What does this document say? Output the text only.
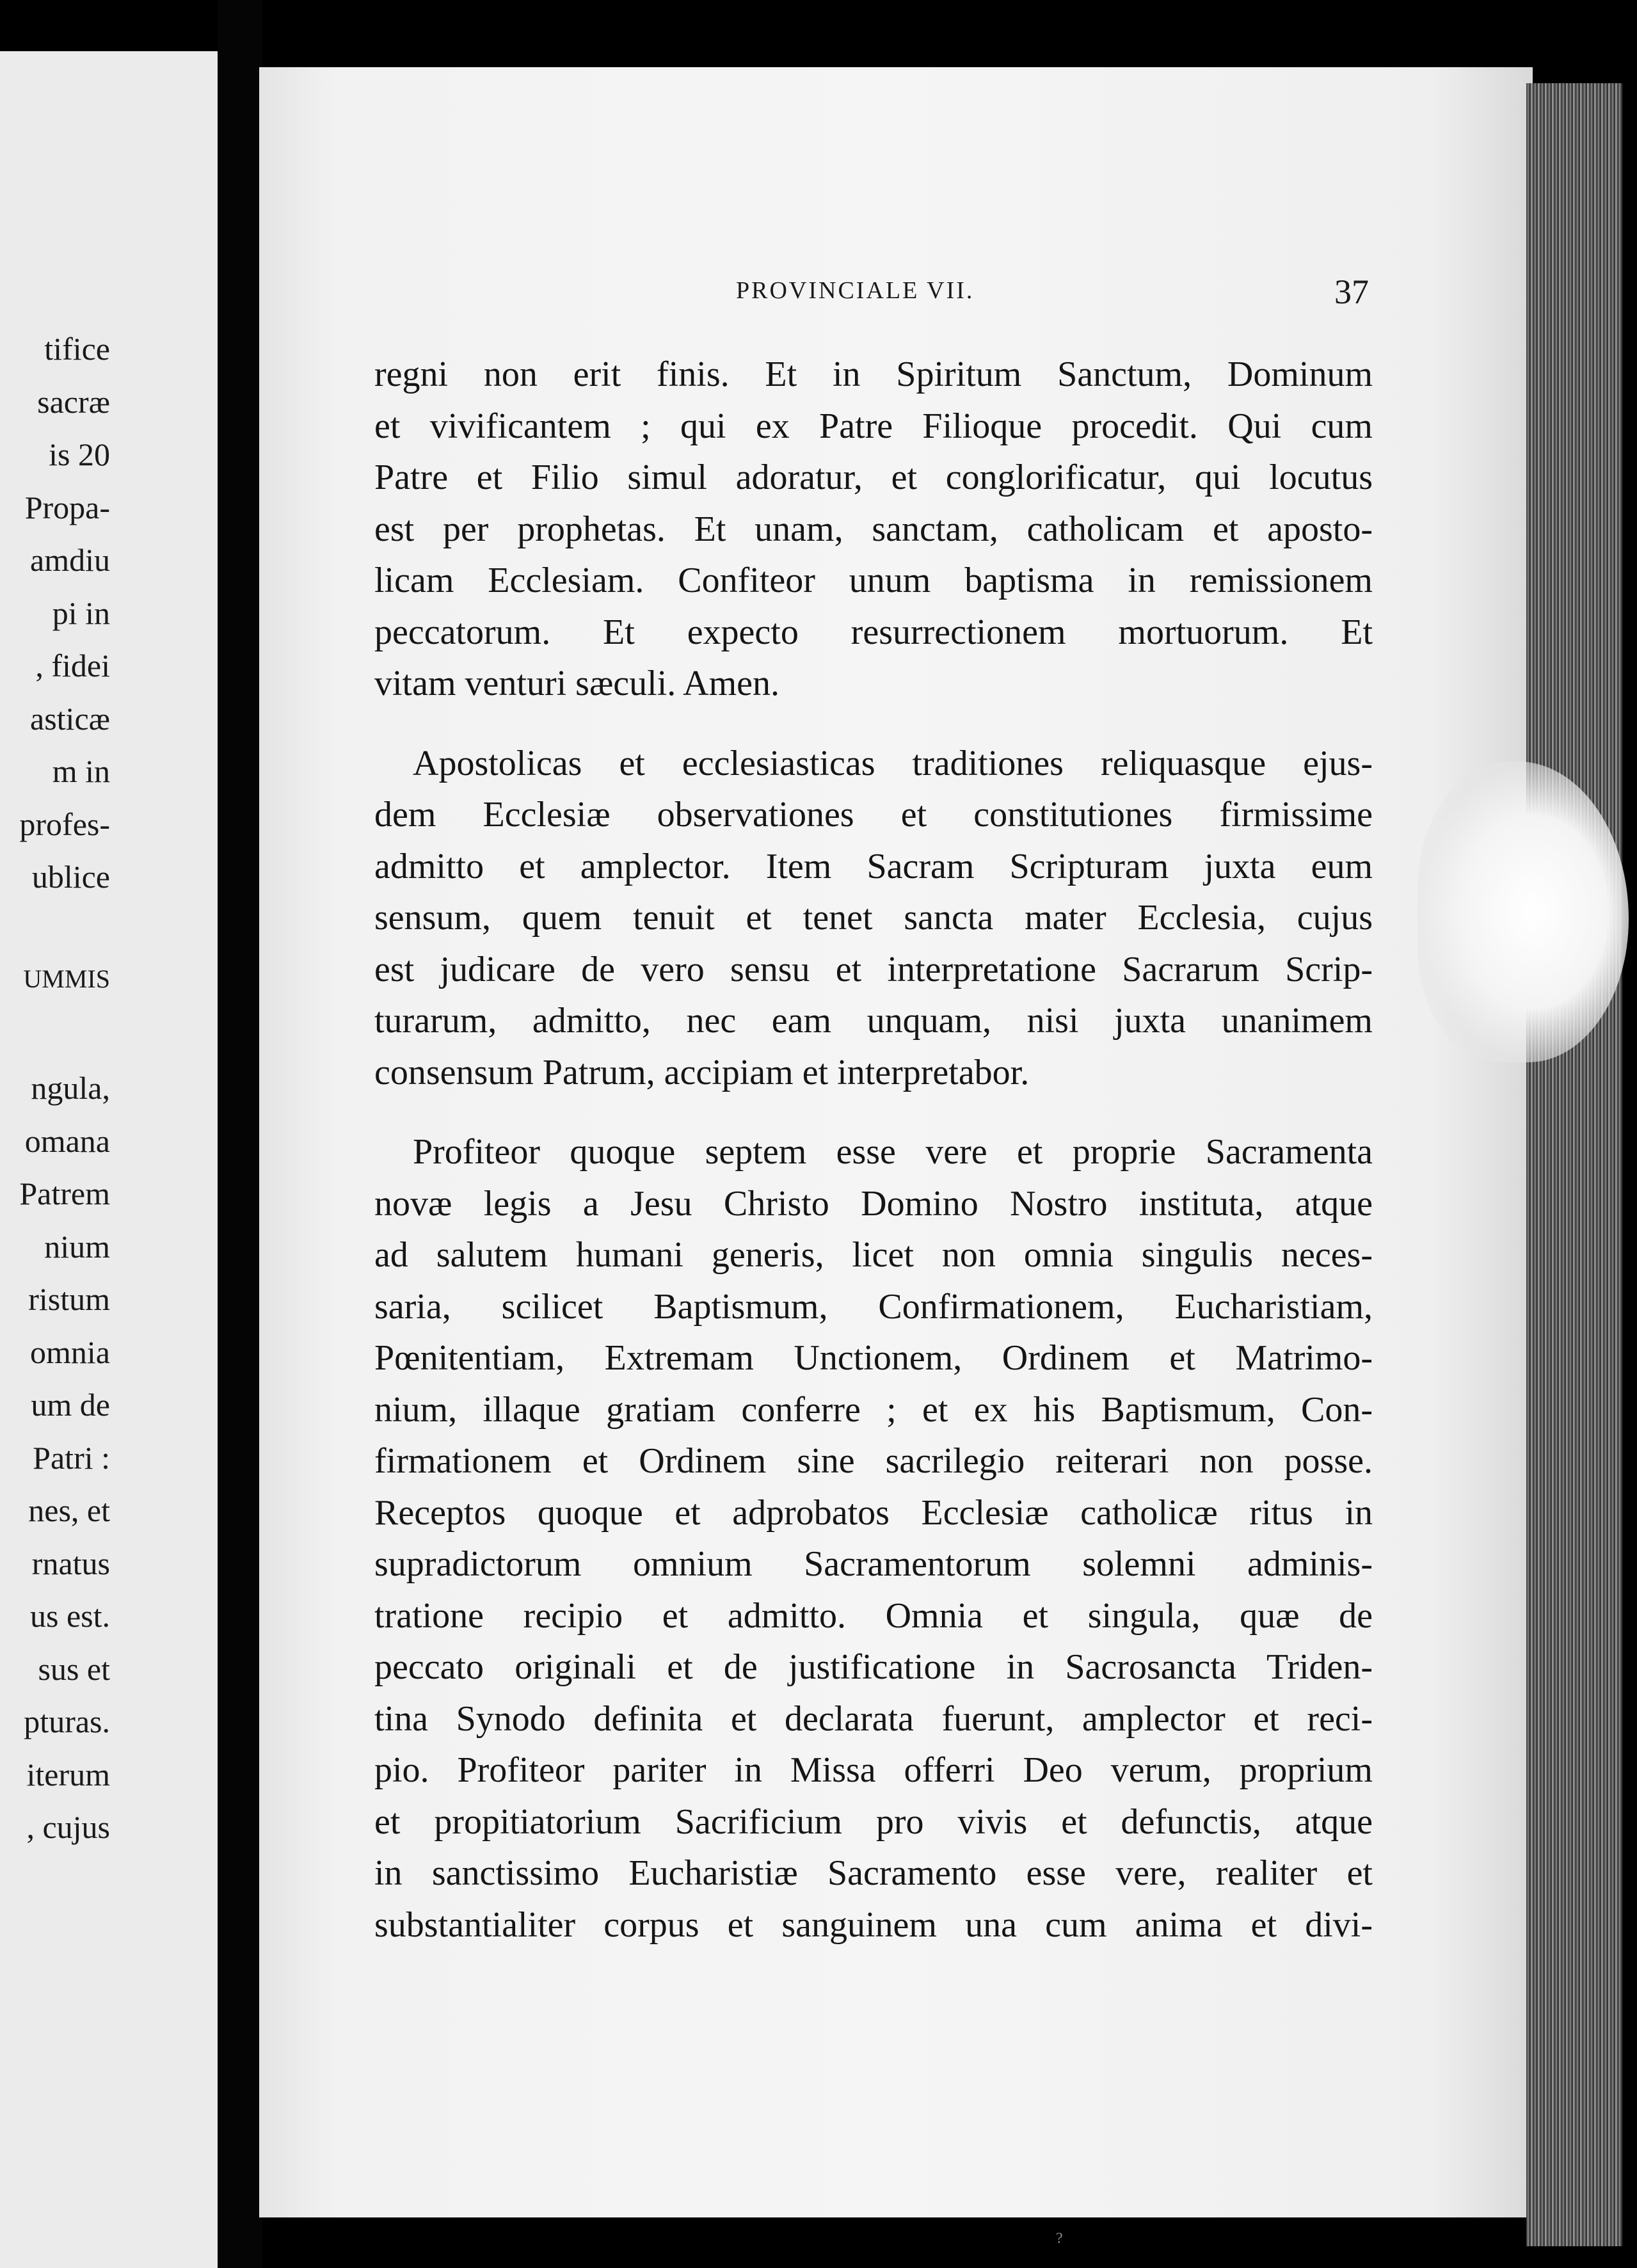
tifice
sacræ
is 20
Propa-
amdiu
pi in
, fidei
asticæ
m in
profes-
ublice
UMMIS
ngula,
omana
Patrem
nium
ristum
omnia
um de
Patri :
nes, et
rnatus
us est.
sus et
pturas.
iterum
, cujus
PROVINCIALE VII.	37
regni non erit finis. Et in Spiritum Sanctum, Dominum
et vivificantem ; qui ex Patre Filioque procedit. Qui cum
Patre et Filio simul adoratur, et conglorificatur, qui locutus
est per prophetas. Et unam, sanctam, catholicam et aposto-
licam Ecclesiam. Confiteor unum baptisma in remissionem
peccatorum. Et expecto resurrectionem mortuorum. Et
vitam venturi sæculi. Amen.
Apostolicas et ecclesiasticas traditiones reliquasque ejus-
dem Ecclesiæ observationes et constitutiones firmissime
admitto et amplector. Item Sacram Scripturam juxta eum
sensum, quem tenuit et tenet sancta mater Ecclesia, cujus
est judicare de vero sensu et interpretatione Sacrarum Scrip-
turarum, admitto, nec eam unquam, nisi juxta unanimem
consensum Patrum, accipiam et interpretabor.
Profiteor quoque septem esse vere et proprie Sacramenta
novæ legis a Jesu Christo Domino Nostro instituta, atque
ad salutem humani generis, licet non omnia singulis neces-
saria, scilicet Baptismum, Confirmationem, Eucharistiam,
Pœnitentiam, Extremam Unctionem, Ordinem et Matrimo-
nium, illaque gratiam conferre ; et ex his Baptismum, Con-
firmationem et Ordinem sine sacrilegio reiterari non posse.
Receptos quoque et adprobatos Ecclesiæ catholicæ ritus in
supradictorum omnium Sacramentorum solemni adminis-
tratione recipio et admitto. Omnia et singula, quæ de
peccato originali et de justificatione in Sacrosancta Triden-
tina Synodo definita et declarata fuerunt, amplector et reci-
pio. Profiteor pariter in Missa offerri Deo verum, proprium
et propitiatorium Sacrificium pro vivis et defunctis, atque
in sanctissimo Eucharistiæ Sacramento esse vere, realiter et
substantialiter corpus et sanguinem una cum anima et divi-
?
